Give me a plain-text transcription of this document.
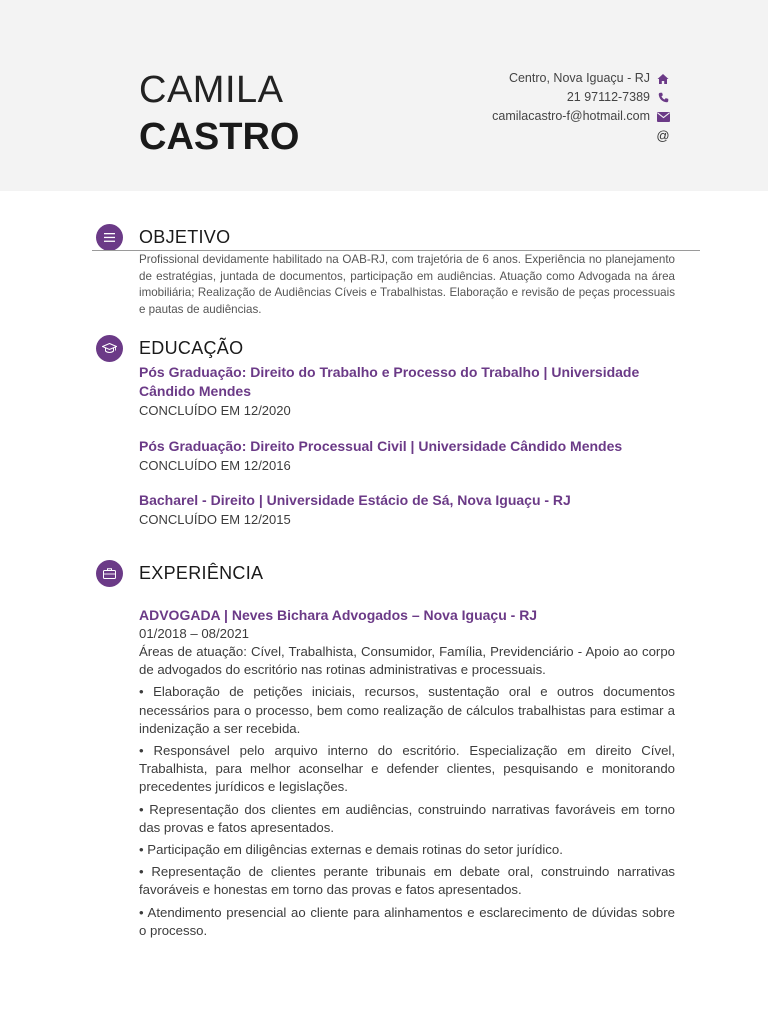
CAMILA
CASTRO
Centro, Nova Iguaçu - RJ
21 97112-7389
camilacastro-f@hotmail.com
@
OBJETIVO
Profissional devidamente habilitado na OAB-RJ, com trajetória de 6 anos. Experiência no planejamento de estratégias, juntada de documentos, participação em audiências. Atuação como Advogada na área imobiliária; Realização de Audiências Cíveis e Trabalhistas. Elaboração e revisão de peças processuais e pautas de audiências.
EDUCAÇÃO
Pós Graduação: Direito do Trabalho e Processo do Trabalho | Universidade Cândido Mendes
CONCLUÍDO EM 12/2020
Pós Graduação: Direito Processual Civil | Universidade Cândido Mendes
CONCLUÍDO EM 12/2016
Bacharel - Direito | Universidade Estácio de Sá, Nova Iguaçu - RJ
CONCLUÍDO EM 12/2015
EXPERIÊNCIA
ADVOGADA | Neves Bichara Advogados – Nova Iguaçu - RJ
01/2018 – 08/2021

Áreas de atuação: Cível, Trabalhista, Consumidor, Família, Previdenciário - Apoio ao corpo de advogados do escritório nas rotinas administrativas e processuais.

• Elaboração de petições iniciais, recursos, sustentação oral e outros documentos necessários para o processo, bem como realização de cálculos trabalhistas para estimar a indenização a ser recebida.

• Responsável pelo arquivo interno do escritório. Especialização em direito Cível, Trabalhista, para melhor aconselhar e defender clientes, pesquisando e monitorando precedentes jurídicos e legislações.

• Representação dos clientes em audiências, construindo narrativas favoráveis em torno das provas e fatos apresentados.

• Participação em diligências externas e demais rotinas do setor jurídico.

• Representação de clientes perante tribunais em debate oral, construindo narrativas favoráveis e honestas em torno das provas e fatos apresentados.

• Atendimento presencial ao cliente para alinhamentos e esclarecimento de dúvidas sobre o processo.
